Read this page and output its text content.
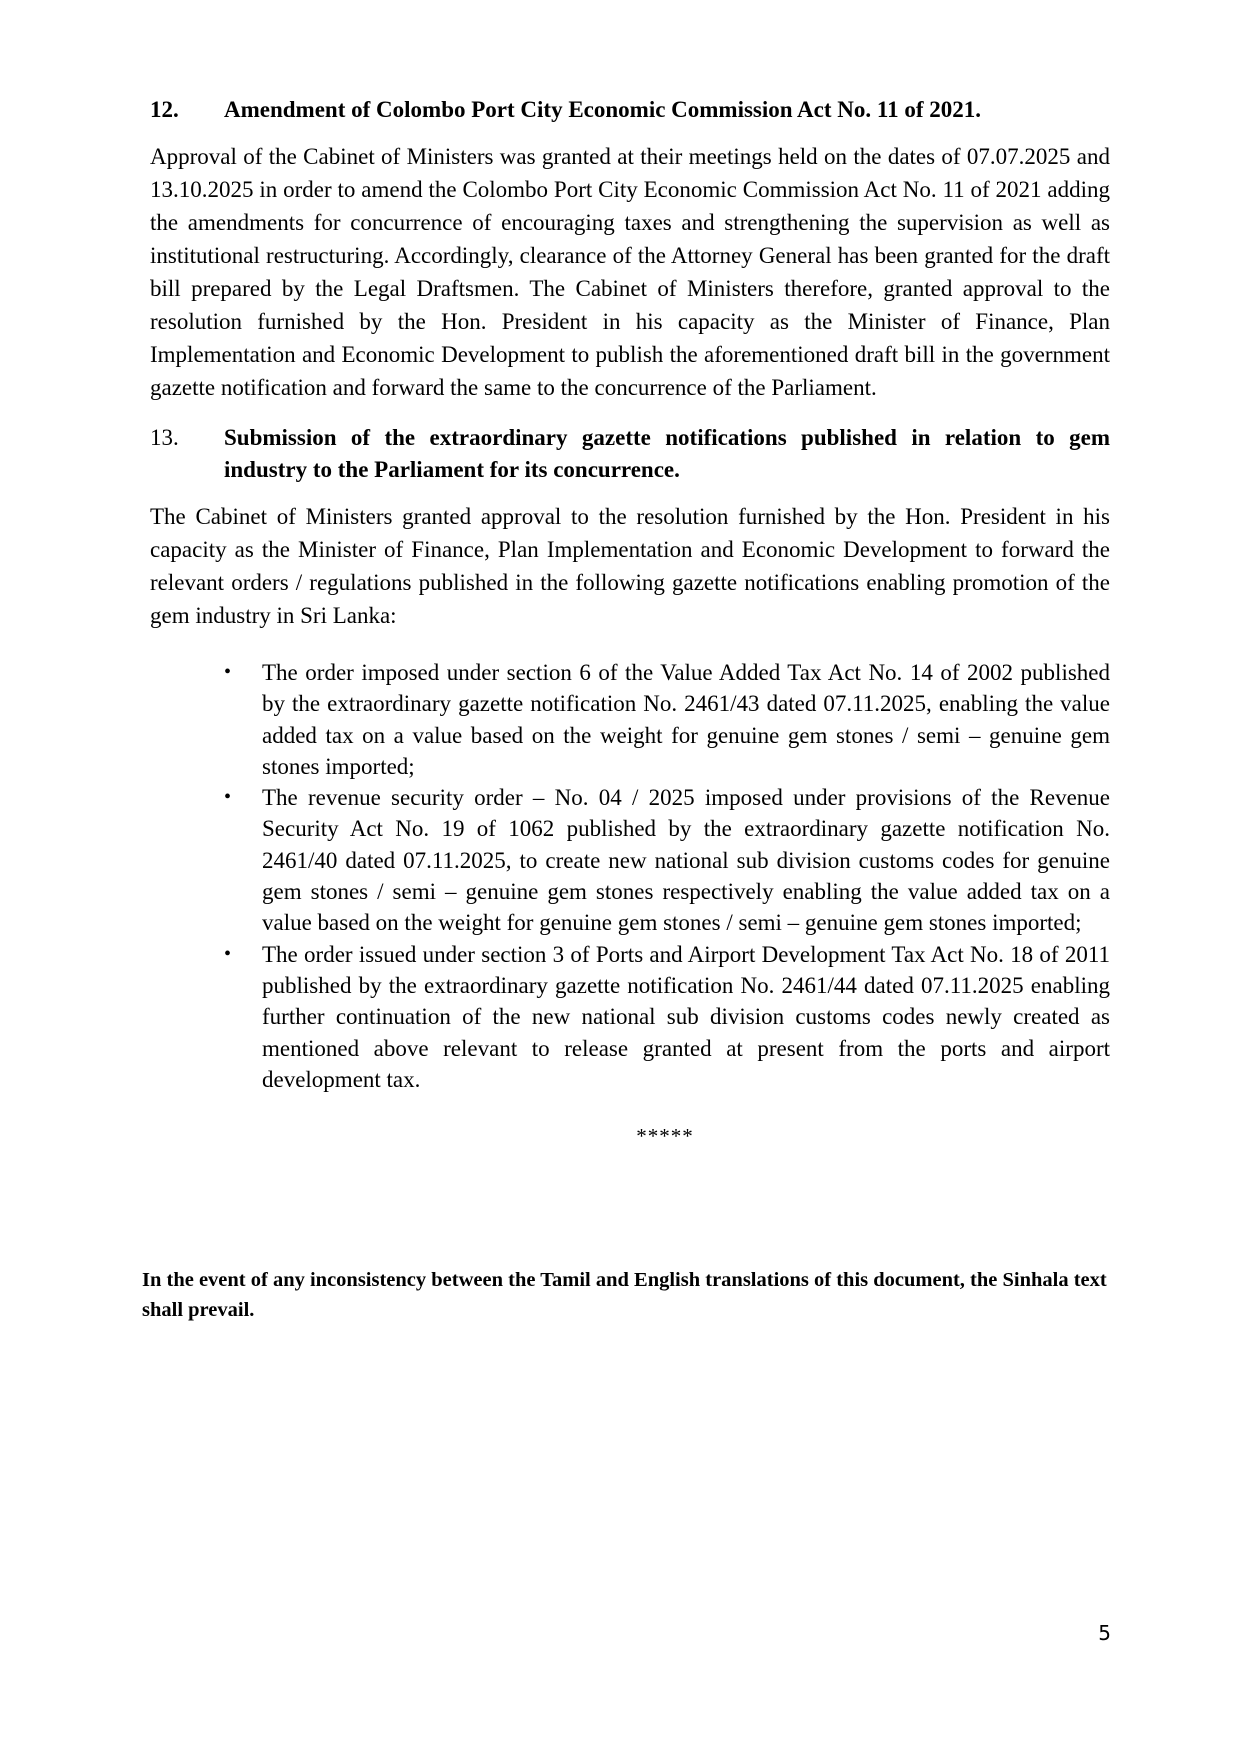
12.	Amendment of Colombo Port City Economic Commission Act No. 11 of 2021.

Approval of the Cabinet of Ministers was granted at their meetings held on the dates of 07.07.2025 and 13.10.2025 in order to amend the Colombo Port City Economic Commission Act No. 11 of 2021 adding the amendments for concurrence of encouraging taxes and strengthening the supervision as well as institutional restructuring. Accordingly, clearance of the Attorney General has been granted for the draft bill prepared by the Legal Draftsmen. The Cabinet of Ministers therefore, granted approval to the resolution furnished by the Hon. President in his capacity as the Minister of Finance, Plan Implementation and Economic Development to publish the aforementioned draft bill in the government gazette notification and forward the same to the concurrence of the Parliament.

13.	Submission of the extraordinary gazette notifications published in relation to gem industry to the Parliament for its concurrence.

The Cabinet of Ministers granted approval to the resolution furnished by the Hon. President in his capacity as the Minister of Finance, Plan Implementation and Economic Development to forward the relevant orders / regulations published in the following gazette notifications enabling promotion of the gem industry in Sri Lanka:

• The order imposed under section 6 of the Value Added Tax Act No. 14 of 2002 published by the extraordinary gazette notification No. 2461/43 dated 07.11.2025, enabling the value added tax on a value based on the weight for genuine gem stones / semi – genuine gem stones imported;
• The revenue security order – No. 04 / 2025 imposed under provisions of the Revenue Security Act No. 19 of 1062 published by the extraordinary gazette notification No. 2461/40 dated 07.11.2025, to create new national sub division customs codes for genuine gem stones / semi – genuine gem stones respectively enabling the value added tax on a value based on the weight for genuine gem stones / semi – genuine gem stones imported;
• The order issued under section 3 of Ports and Airport Development Tax Act No. 18 of 2011 published by the extraordinary gazette notification No. 2461/44 dated 07.11.2025 enabling further continuation of the new national sub division customs codes newly created as mentioned above relevant to release granted at present from the ports and airport development tax.
*****
In the event of any inconsistency between the Tamil and English translations of this document, the Sinhala text shall prevail.
5
